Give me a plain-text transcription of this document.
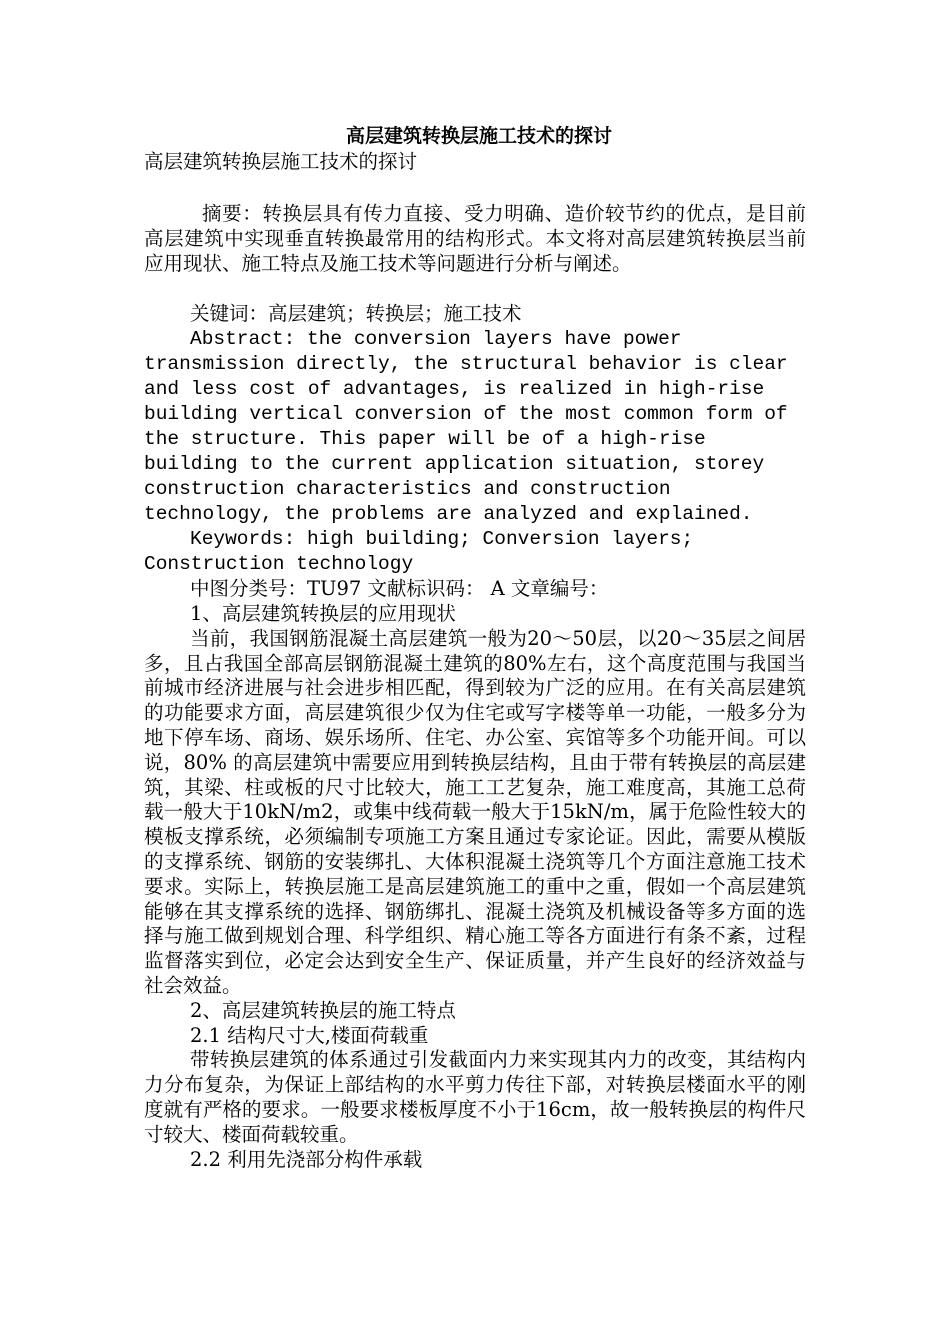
高层建筑转换层施工技术的探讨

高层建筑转换层施工技术的探讨

摘要：转换层具有传力直接、受力明确、造价较节约的优点，是目前高层建筑中实现垂直转换最常用的结构形式。本文将对高层建筑转换层当前应用现状、施工特点及施工技术等问题进行分析与阐述。

关键词：高层建筑；转换层；施工技术

Abstract: the conversion layers have power transmission directly, the structural behavior is clear and less cost of advantages, is realized in high-rise building vertical conversion of the most common form of the structure. This paper will be of a high-rise building to the current application situation, storey construction characteristics and construction technology, the problems are analyzed and explained.

Keywords: high building; Conversion layers; Construction technology

中图分类号：TU97 文献标识码： A 文章编号：

1、高层建筑转换层的应用现状

当前，我国钢筋混凝土高层建筑一般为20～50层，以20～35层之间居多，且占我国全部高层钢筋混凝土建筑的80%左右，这个高度范围与我国当前城市经济进展与社会进步相匹配，得到较为广泛的应用。在有关高层建筑的功能要求方面，高层建筑很少仅为住宅或写字楼等单一功能，一般多分为地下停车场、商场、娱乐场所、住宅、办公室、宾馆等多个功能开间。可以说，80% 的高层建筑中需要应用到转换层结构，且由于带有转换层的高层建筑，其梁、柱或板的尺寸比较大，施工工艺复杂，施工难度高，其施工总荷载一般大于10kN/m2，或集中线荷载一般大于15kN/m，属于危险性较大的模板支撑系统，必须编制专项施工方案且通过专家论证。因此，需要从模版的支撑系统、钢筋的安装绑扎、大体积混凝土浇筑等几个方面注意施工技术要求。实际上，转换层施工是高层建筑施工的重中之重，假如一个高层建筑能够在其支撑系统的选择、钢筋绑扎、混凝土浇筑及机械设备等多方面的选择与施工做到规划合理、科学组织、精心施工等各方面进行有条不紊，过程监督落实到位，必定会达到安全生产、保证质量，并产生良好的经济效益与社会效益。

2、高层建筑转换层的施工特点

2.1 结构尺寸大,楼面荷载重

带转换层建筑的体系通过引发截面内力来实现其内力的改变，其结构内力分布复杂，为保证上部结构的水平剪力传往下部，对转换层楼面水平的刚度就有严格的要求。一般要求楼板厚度不小于16cm，故一般转换层的构件尺寸较大、楼面荷载较重。

2.2 利用先浇部分构件承载
